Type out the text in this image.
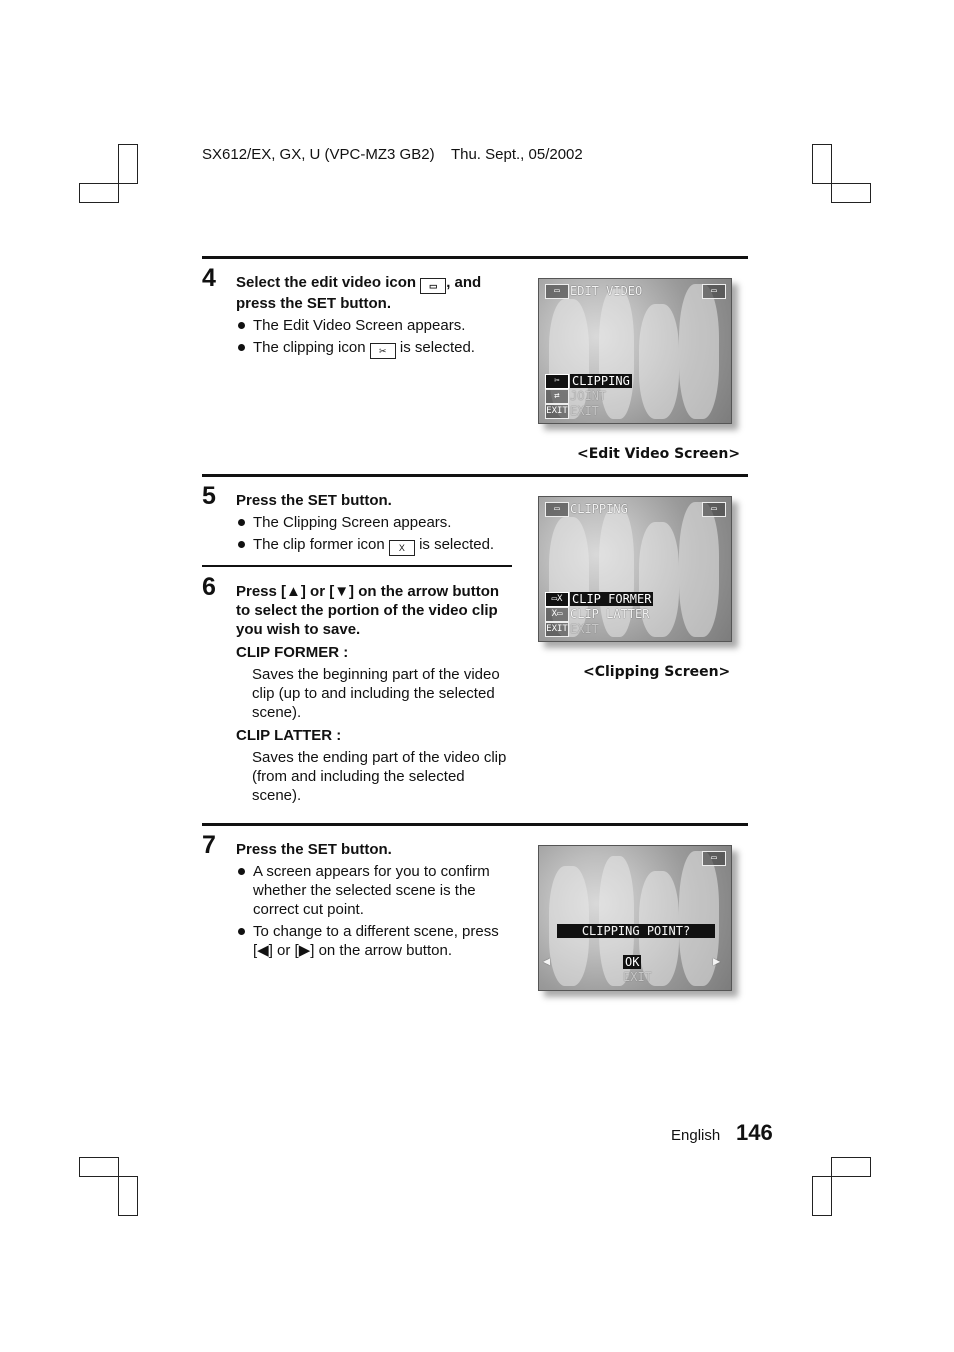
SX612/EX, GX, U (VPC-MZ3 GB2)    Thu. Sept., 05/2002
4 Select the edit video icon ▭ , and press the SET button.
The Edit Video Screen appears.
The clipping icon ✂ is selected.
▭ EDIT VIDEO	▭
✂	CLIPPING
⇄ JOINT
EXIT EXIT
<Edit Video Screen>
5 Press the SET button.
The Clipping Screen appears.
The clip former icon X is selected.
▭ CLIPPING	▭
▭X CLIP FORMER
X▭ CLIP LATTER
EXIT EXIT
<Clipping Screen>
6 Press [▲] or [▼] on the arrow button to select the portion of the video clip you wish to save.
CLIP FORMER :
Saves the beginning part of the video clip (up to and including the selected scene).
CLIP LATTER :
Saves the ending part of the video clip (from and including the selected scene).
7 Press the SET button.
A screen appears for you to confirm whether the selected scene is the correct cut point.
To change to a different scene, press [◀] or [▶] on the arrow button.
▭
CLIPPING POINT?
◀	▶
OK
EXIT
English 146
